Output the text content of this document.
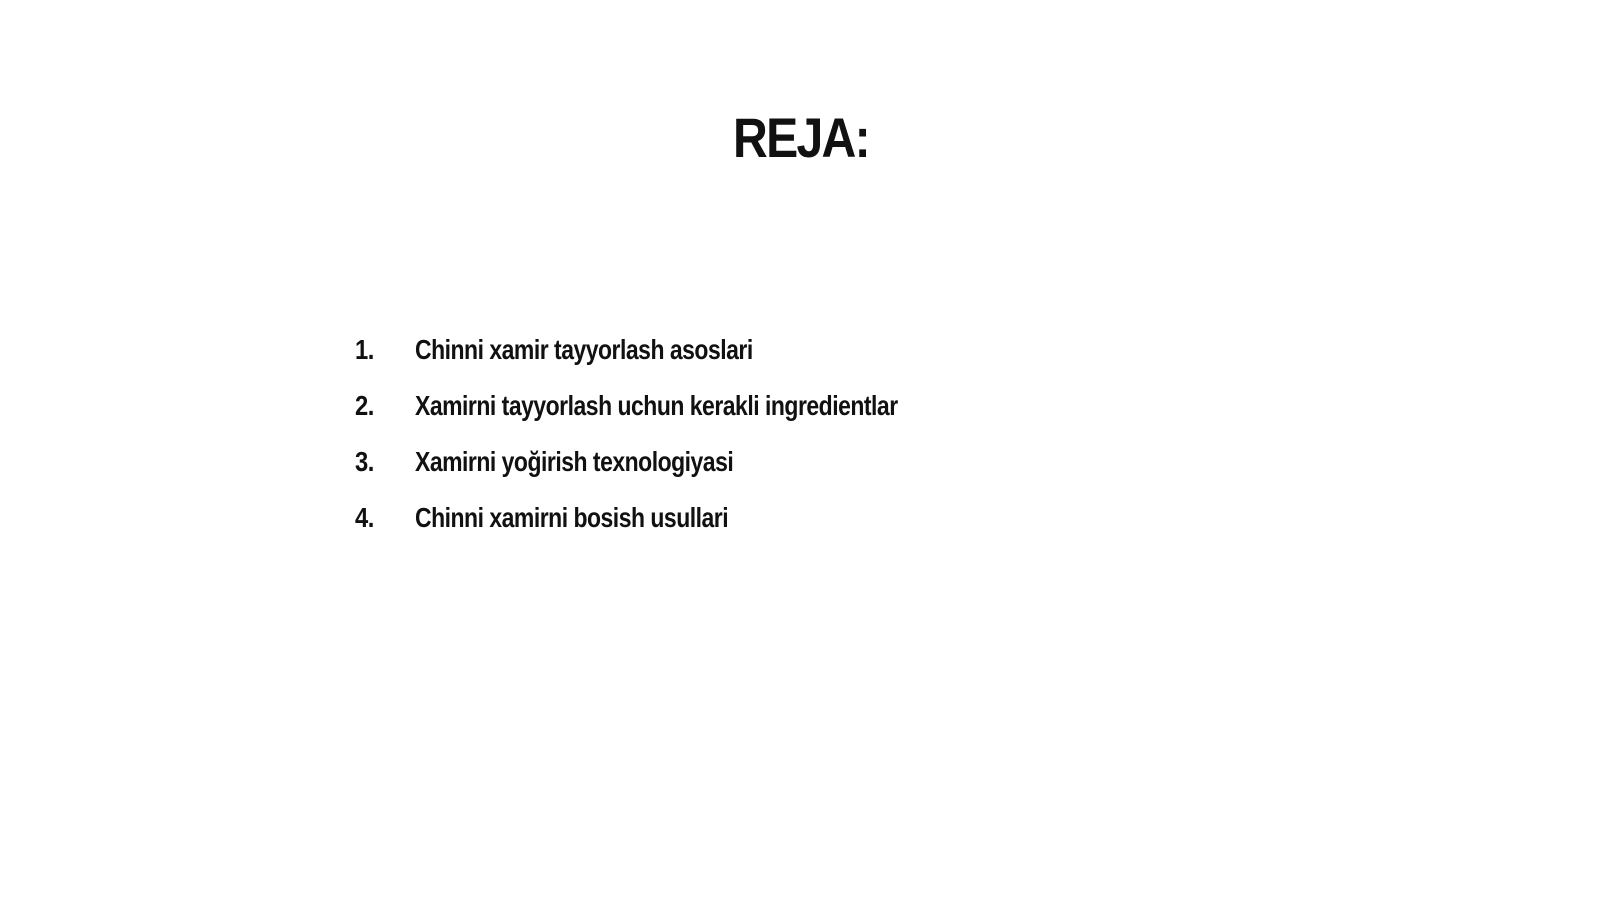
REJA:
1.	Chinni xamir tayyorlash asoslari
2.	Xamirni tayyorlash uchun kerakli ingredientlar
3.	Xamirni yoğirish texnologiyasi
4.	Chinni xamirni bosish usullari
